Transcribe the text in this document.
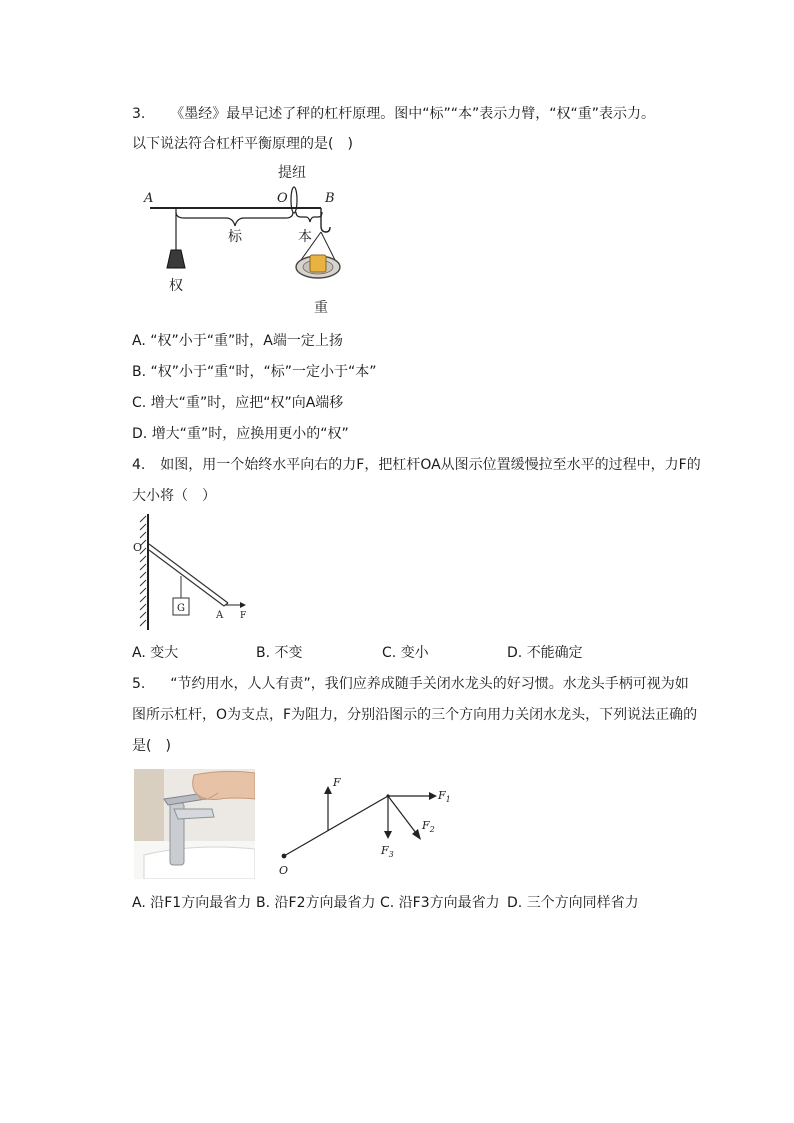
3. 《墨经》最早记述了秤的杠杆原理。图中“标”“本”表示力臂，“权“重”表示力。
以下说法符合杠杆平衡原理的是(　)
提纽
A	O	B
标	本
权
重
A. “权”小于“重”时，A端一定上扬
B. “权”小于“重“时，“标”一定小于“本”
C. 增大“重”时，应把“权”向A端移
D. 增大“重”时，应换用更小的“权”
4. 如图，用一个始终水平向右的力F，把杠杆OA从图示位置缓慢拉至水平的过程中，力F的
大小将（　）
O
G
A F
A. 变大	B. 不变	C. 变小	D. 不能确定
5. “节约用水，人人有责”，我们应养成随手关闭水龙头的好习惯。水龙头手柄可视为如
图所示杠杆，O为支点，F为阻力，分别沿图示的三个方向用力关闭水龙头，下列说法正确的
是(　)
O
F
$F_1$
$F_2$
$F_3$
A. 沿F1方向最省力 B. 沿F2方向最省力 C. 沿F3方向最省力 D. 三个方向同样省力
